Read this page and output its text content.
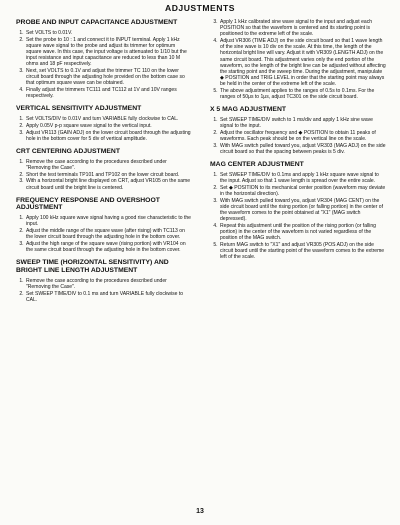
ADJUSTMENTS
PROBE AND INPUT CAPACITANCE ADJUSTMENT
1. Set VOLTS to 0.01V.
2. Set the probe to 10 : 1 and connect it to INPUT terminal. Apply 1 kHz square wave signal to the probe and adjust its trimmer for optimum square wave. In this case, the input voltage is attenuated to 1/10 but the input resistance and input capacitance are reduced to less than 10 M ohms and 18 pF respectively.
3. Next, set VOLTS to 0.1V and adjust the trimmer TC 110 on the lower circuit board through the adjusting hole provided on the bottom case so that optimum square wave can be obtained.
4. Finally adjust the trimmers TC111 and TC112 at 1V and 10V ranges respectively.
VERTICAL SENSITIVITY ADJUSTMENT
1. Set VOLTS/DIV to 0.01V and turn VARIABLE fully clockwise to CAL.
2. Apply 0.05V p-p square wave signal to the vertical input.
3. Adjust VR113 (GAIN ADJ) on the lower circuit board through the adjusting hole in the bottom cover for 5 div of vertical amplitude.
CRT CENTERING ADJUSTMENT
1. Remove the case according to the procedures described under "Removing the Case".
2. Short the test terminals TP101 and TP102 on the lower circuit board.
3. With a horizontal bright line displayed on CRT, adjust VR105 on the same circuit board until the bright line is centered.
FREQUENCY RESPONSE AND OVERSHOOT ADJUSTMENT
1. Apply 100 kHz square wave signal having a good rise characteristic to the input.
2. Adjust the middle range of the square wave (after rising) with TC113 on the lower circuit board through the adjusting hole in the bottom cover.
3. Adjust the high range of the square wave (rising portion) with VR104 on the same circuit board through the adjusting hole in the bottom cover.
SWEEP TIME (HORIZONTAL SENSITIVITY) AND BRIGHT LINE LENGTH ADJUSTMENT
1. Remove the case according to the procedures described under "Removing the Case".
2. Set SWEEP TIME/DIV to 0.1 ms and turn VARIABLE fully clockwise to CAL.
3. Apply 1 kHz calibrated sine wave signal to the input and adjust each POSITION so that the waveform is centered and its starting point is positioned to the extreme left of the scale.
4. Adjust VR306 (TIME ADJ) on the side circuit board so that 1 wave length of the sine wave is 10 div on the scale. At this time, the length of the horizontal bright line will vary. Adjust it with VR309 (LENGTH ADJ) on the same circuit board. This adjustment varies only the end portion of the waveform, so the length of the bright line can be adjusted without affecting the starting point and the sweep time. During the adjustment, manipulate ◆ POSITION and TRIG LEVEL in order that the starting point may always be held in the center of the extreme left of the scale.
5. The above adjustment applies to the ranges of 0.5s to 0.1ms. For the ranges of 50μs to 1μs, adjust TC301 on the side circuit board.
X 5 MAG ADJUSTMENT
1. Set SWEEP TIME/DIV switch to 1 ms/div and apply 1 kHz sine wave signal to the input.
2. Adjust the oscillator frequency and ◆ POSITION to obtain 11 peaks of waveforms. Each peak should be on the vertical line on the scale.
3. With MAG switch pulled toward you, adjust VR303 (MAG ADJ) on the side circuit board so that the spacing between peaks is 5 div.
MAG CENTER ADJUSTMENT
1. Set SWEEP TIME/DIV to 0.1ms and apply 1 kHz square wave signal to the input. Adjust so that 1 wave length is spread over the entire scale.
2. Set ◆ POSITION to its mechanical center position (waveform may deviate in the horizontal direction).
3. With MAG switch pulled toward you, adjust VR304 (MAG CENT) on the side circuit board until the rising portion (or falling portion) in the center of the waveform comes to the point obtained at "X1" (MAG switch depressed).
4. Repeat this adjustment until the position of the rising portion (or falling portion) in the center of the waveform is not varied regardless of the position of the MAG switch.
5. Return MAG switch to "X1" and adjust VR305 (POS ADJ) on the side circuit board until the starting point of the waveform comes to the extreme left of the scale.
13
